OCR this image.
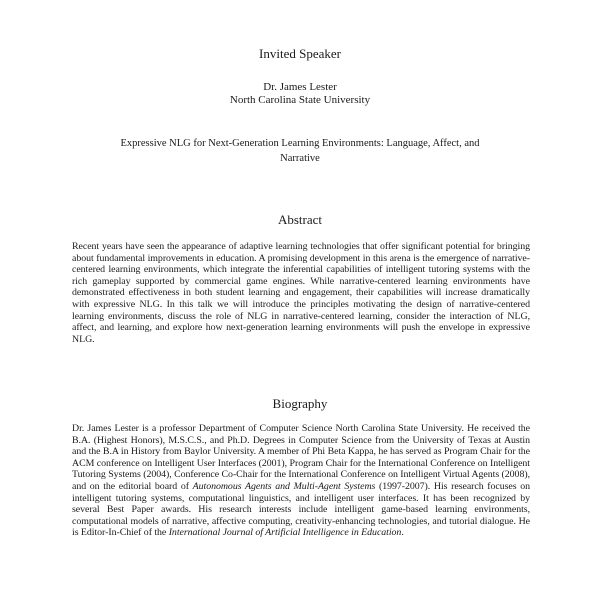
Invited Speaker
Dr. James Lester
North Carolina State University
Expressive NLG for Next-Generation Learning Environments: Language, Affect, and
Narrative
Abstract
Recent years have seen the appearance of adaptive learning technologies that offer significant potential for bringing about fundamental improvements in education. A promising development in this arena is the emergence of narrative-centered learning environments, which integrate the inferential capabilities of intelligent tutoring systems with the rich gameplay supported by commercial game engines. While narrative-centered learning environments have demonstrated effectiveness in both student learning and engagement, their capabilities will increase dramatically with expressive NLG. In this talk we will introduce the principles motivating the design of narrative-centered learning environments, discuss the role of NLG in narrative-centered learning, consider the interaction of NLG, affect, and learning, and explore how next-generation learning environments will push the envelope in expressive NLG.
Biography
Dr. James Lester is a professor Department of Computer Science North Carolina State University. He received the B.A. (Highest Honors), M.S.C.S., and Ph.D. Degrees in Computer Science from the University of Texas at Austin and the B.A in History from Baylor University. A member of Phi Beta Kappa, he has served as Program Chair for the ACM conference on Intelligent User Interfaces (2001), Program Chair for the International Conference on Intelligent Tutoring Systems (2004), Conference Co-Chair for the International Conference on Intelligent Virtual Agents (2008), and on the editorial board of Autonomous Agents and Multi-Agent Systems (1997-2007). His research focuses on intelligent tutoring systems, computational linguistics, and intelligent user interfaces. It has been recognized by several Best Paper awards. His research interests include intelligent game-based learning environments, computational models of narrative, affective computing, creativity-enhancing technologies, and tutorial dialogue. He is Editor-In-Chief of the International Journal of Artificial Intelligence in Education.
